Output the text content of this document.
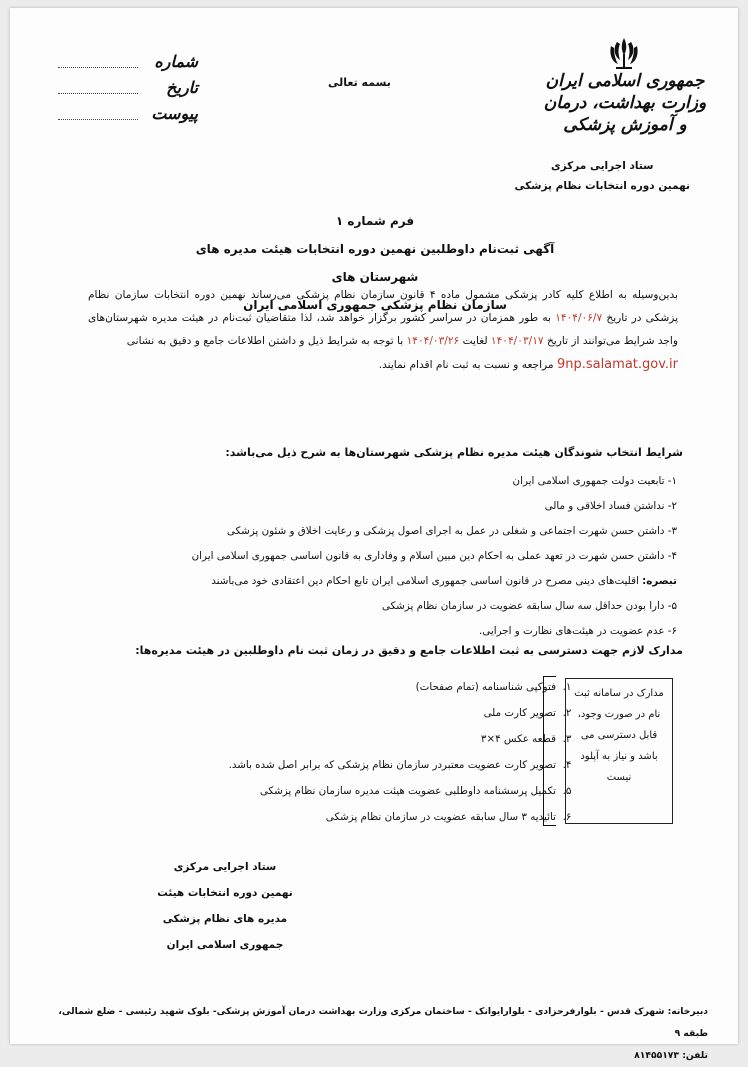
جمهوری اسلامی ایران
وزارت بهداشت، درمان و آموزش پزشکی
ستاد اجرایی مرکزی
نهمین دوره انتخابات نظام پزشکی
بسمه تعالی
شماره
تاریخ
پیوست
فرم شماره ۱
آگهی ثبت‌نام داوطلبین نهمین دوره انتخابات هیئت مدیره های شهرستان های
سازمان نظام پزشکی جمهوری اسلامی ایران
بدین‌وسیله به اطلاع کلیه کادر پزشکی مشمول ماده ۴ قانون سازمان نظام پزشکی می‌رساند نهمین دوره انتخابات سازمان نظام پزشکی در تاریخ ۱۴۰۴/۰۶/۷ به طور همزمان در سراسر کشور برگزار خواهد شد، لذا متقاضیان ثبت‌نام در هیئت مدیره شهرستان‌های واجد شرایط می‌توانند از تاریخ ۱۴۰۴/۰۳/۱۷ لغایت ۱۴۰۴/۰۳/۲۶ با توجه به شرایط ذیل و داشتن اطلاعات جامع و دقیق به نشانی
9np.salamat.gov.ir مراجعه و نسبت به ثبت نام اقدام نمایند.
شرایط انتخاب شوندگان هیئت مدیره نظام پزشکی شهرستان‌ها به شرح ذیل می‌باشد:
۱- تابعیت دولت جمهوری اسلامی ایران
۲- نداشتن فساد اخلاقی و مالی
۳- داشتن حسن شهرت اجتماعی و شغلی در عمل به اجرای اصول پزشکی و رعایت اخلاق و شئون پزشکی
۴- داشتن حسن شهرت در تعهد عملی به احکام دین مبین اسلام و وفاداری به قانون اساسی جمهوری اسلامی ایران
تبصره: اقلیت‌های دینی مصرح در قانون اساسی جمهوری اسلامی ایران تابع احکام دین اعتقادی خود می‌باشند
۵- دارا بودن حداقل سه سال سابقه عضویت در سازمان نظام پزشکی
۶- عدم عضویت در هیئت‌های نظارت و اجرایی.
مدارک لازم جهت دسترسی به ثبت اطلاعات جامع و دقیق در زمان ثبت نام داوطلبین در هیئت مدیره‌ها:
۱.
فتوکپی شناسنامه (تمام صفحات)
۲.
تصویر کارت ملی
۳.
قطعه عکس ۴×۳
۴.
تصویر کارت عضویت معتبردر سازمان نظام پزشکی که برابر اصل شده باشد.
۵.
تکمیل پرسشنامه داوطلبی عضویت هیئت مدیره سازمان نظام پزشکی
۶.
تائیدیه ۳ سال سابقه عضویت در سازمان نظام پزشکی
مدارک در سامانه ثبت نام در صورت وجود، قابل دسترسی می باشد و نیاز به آپلود نیست
ستاد اجرایی مرکزی
نهمین دوره انتخابات هیئت مدیره های نظام پزشکی
جمهوری اسلامی ایران
دبیرخانه: شهرک قدس - بلوارفرحزادی - بلوارایوانک - ساختمان مرکزی وزارت بهداشت درمان آموزش پزشکی- بلوک شهید رئیسی - ضلع شمالی، طبقه ۹
تلفن: ۸۱۴۵۵۱۷۳
